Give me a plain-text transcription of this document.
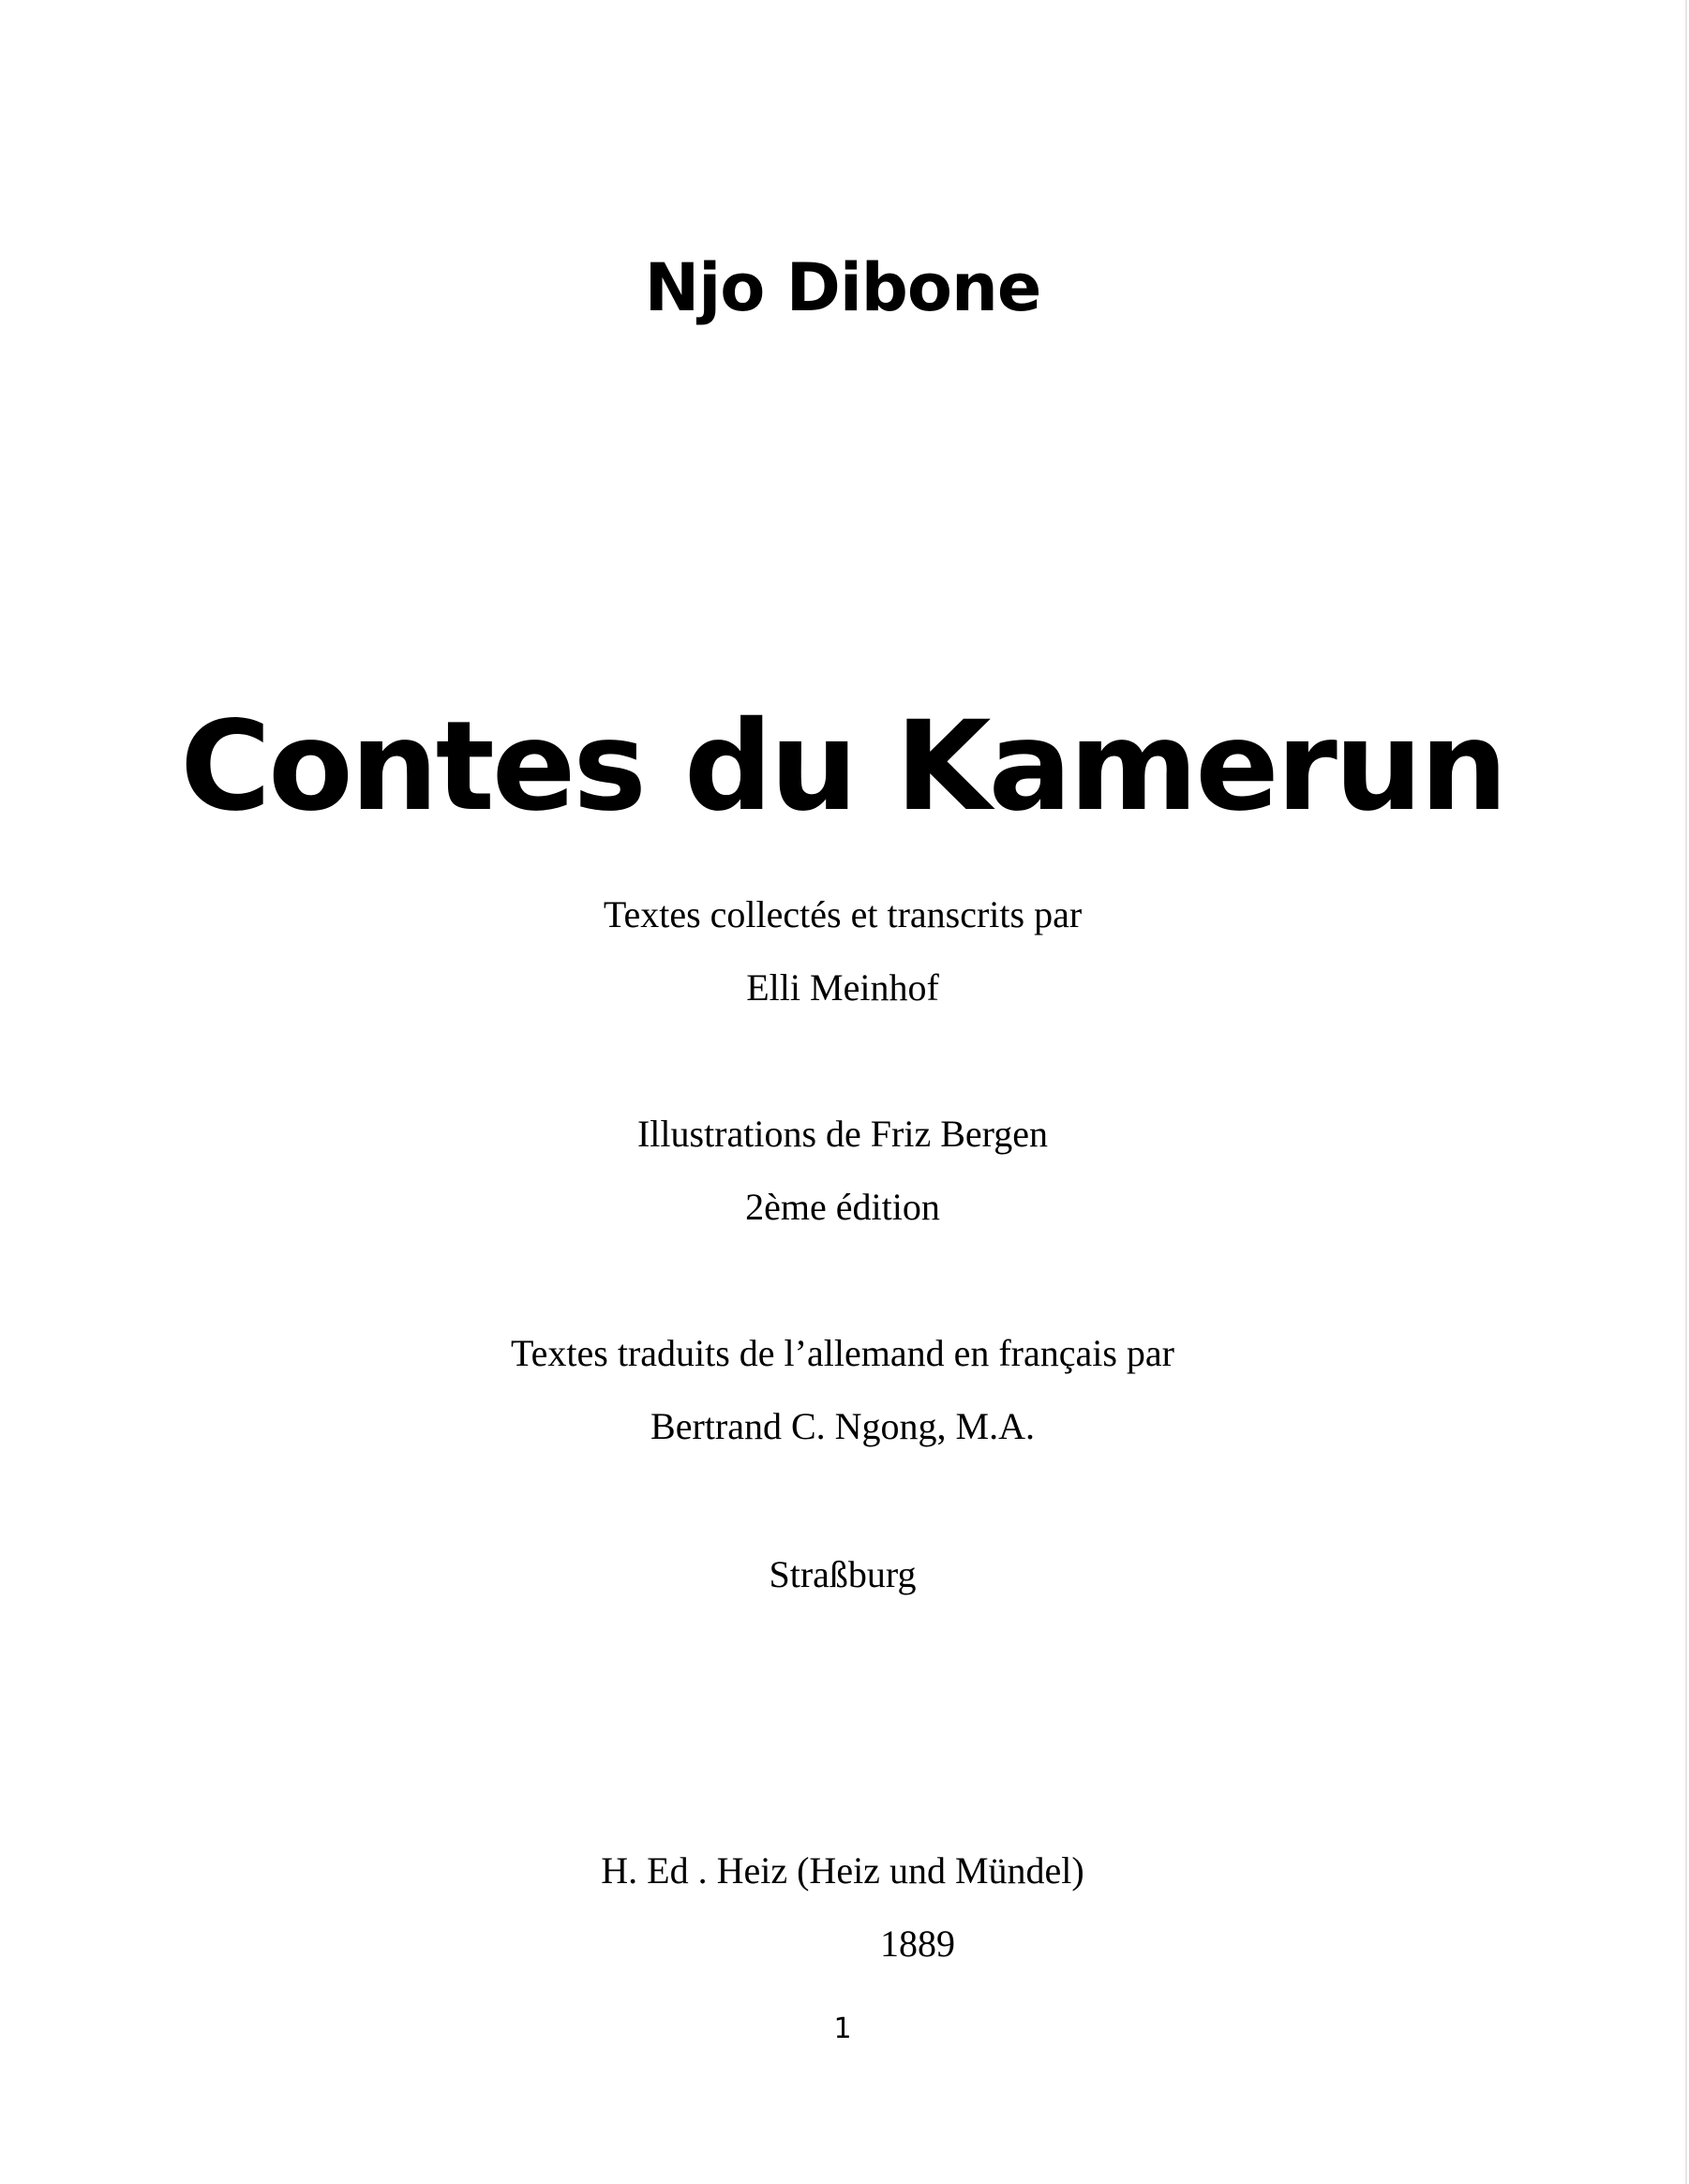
Njo Dibone
Contes du Kamerun
Textes collectés et transcrits par
Elli Meinhof
Illustrations de Friz Bergen
2ème édition
Textes traduits de l’allemand en français par
Bertrand C. Ngong, M.A.
Straßburg
H. Ed . Heiz (Heiz und Mündel)
1889
1
